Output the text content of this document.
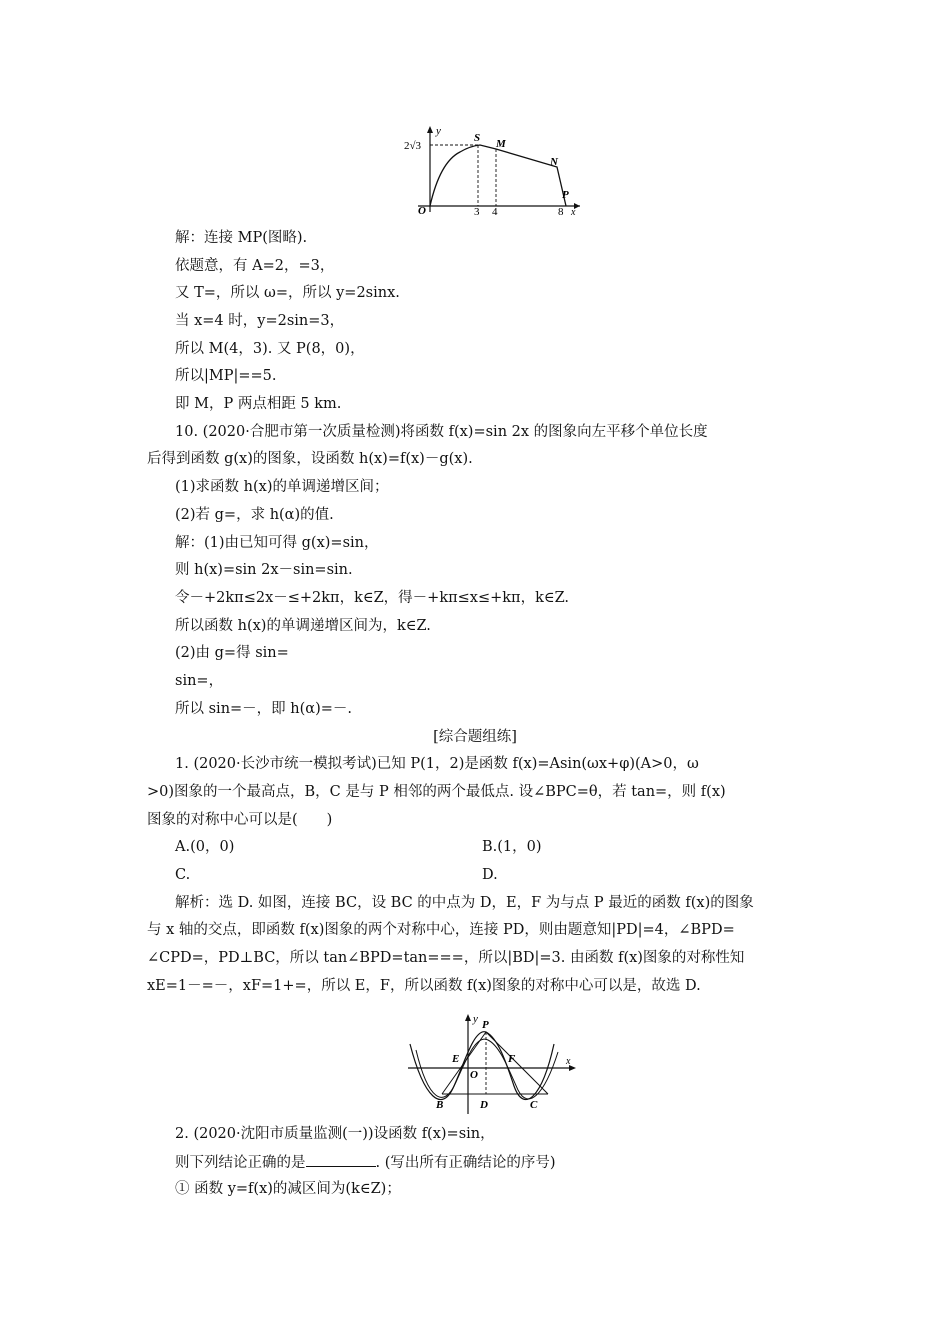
y
2√3
S M
N
P
O	3 4	8 x
解：连接 MP(图略).
依题意，有 A=2，=3，
又 T=，所以 ω=，所以 y=2sinx.
当 x=4 时，y=2sin=3，
所以 M(4，3). 又 P(8，0)，
所以|MP|==5.
即 M，P 两点相距 5 km.
10. (2020·合肥市第一次质量检测)将函数 f(x)=sin 2x 的图象向左平移个单位长度
后得到函数 g(x)的图象，设函数 h(x)=f(x)－g(x).
(1)求函数 h(x)的单调递增区间；
(2)若 g=，求 h(α)的值.
解：(1)由已知可得 g(x)=sin，
则 h(x)=sin 2x－sin=sin.
令－+2kπ≤2x－≤+2kπ，k∈Z，得－+kπ≤x≤+kπ，k∈Z.
所以函数 h(x)的单调递增区间为，k∈Z.
(2)由 g=得 sin=
sin=，
所以 sin=－，即 h(α)=－.
[综合题组练]
1. (2020·长沙市统一模拟考试)已知 P(1，2)是函数 f(x)=Asin(ωx+φ)(A>0，ω
>0)图象的一个最高点，B，C 是与 P 相邻的两个最低点. 设∠BPC=θ，若 tan=，则 f(x)
图象的对称中心可以是(　　)
A.(0，0)	B.(1，0)
C.	D.
解析：选 D. 如图，连接 BC，设 BC 的中点为 D，E，F 为与点 P 最近的函数 f(x)的图象
与 x 轴的交点，即函数 f(x)图象的两个对称中心，连接 PD，则由题意知|PD|=4，∠BPD=
∠CPD=，PD⊥BC，所以 tan∠BPD=tan===，所以|BD|=3. 由函数 f(x)图象的对称性知
xE=1－=－，xF=1+=，所以 E，F，所以函数 f(x)图象的对称中心可以是，故选 D.
y P
E	F
O
x
B	D	C
2. (2020·沈阳市质量监测(一))设函数 f(x)=sin，
则下列结论正确的是	. (写出所有正确结论的序号)
① 函数 y=f(x)的减区间为(k∈Z)；
